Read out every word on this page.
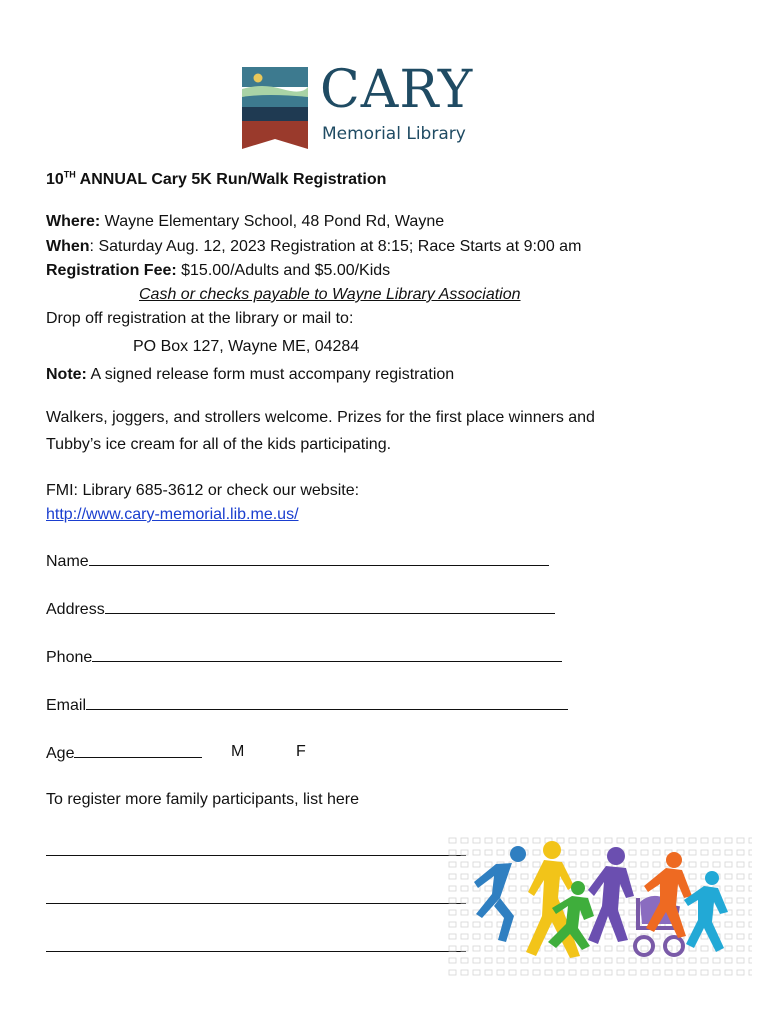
CARY
Memorial Library
10TH ANNUAL Cary 5K Run/Walk Registration
Where: Wayne Elementary School, 48 Pond Rd, Wayne
When: Saturday Aug. 12, 2023 Registration at 8:15; Race Starts at 9:00 am
Registration Fee: $15.00/Adults and $5.00/Kids
Cash or checks payable to Wayne Library Association
Drop off registration at the library or mail to:
PO Box 127, Wayne ME, 04284
Note: A signed release form must accompany registration
Walkers, joggers, and strollers welcome. Prizes for the first place winners and
Tubby’s ice cream for all of the kids participating.
FMI: Library 685-3612 or check our website:
http://www.cary-memorial.lib.me.us/
Name
Address
Phone
Email
Age	M	F
To register more family participants, list here
